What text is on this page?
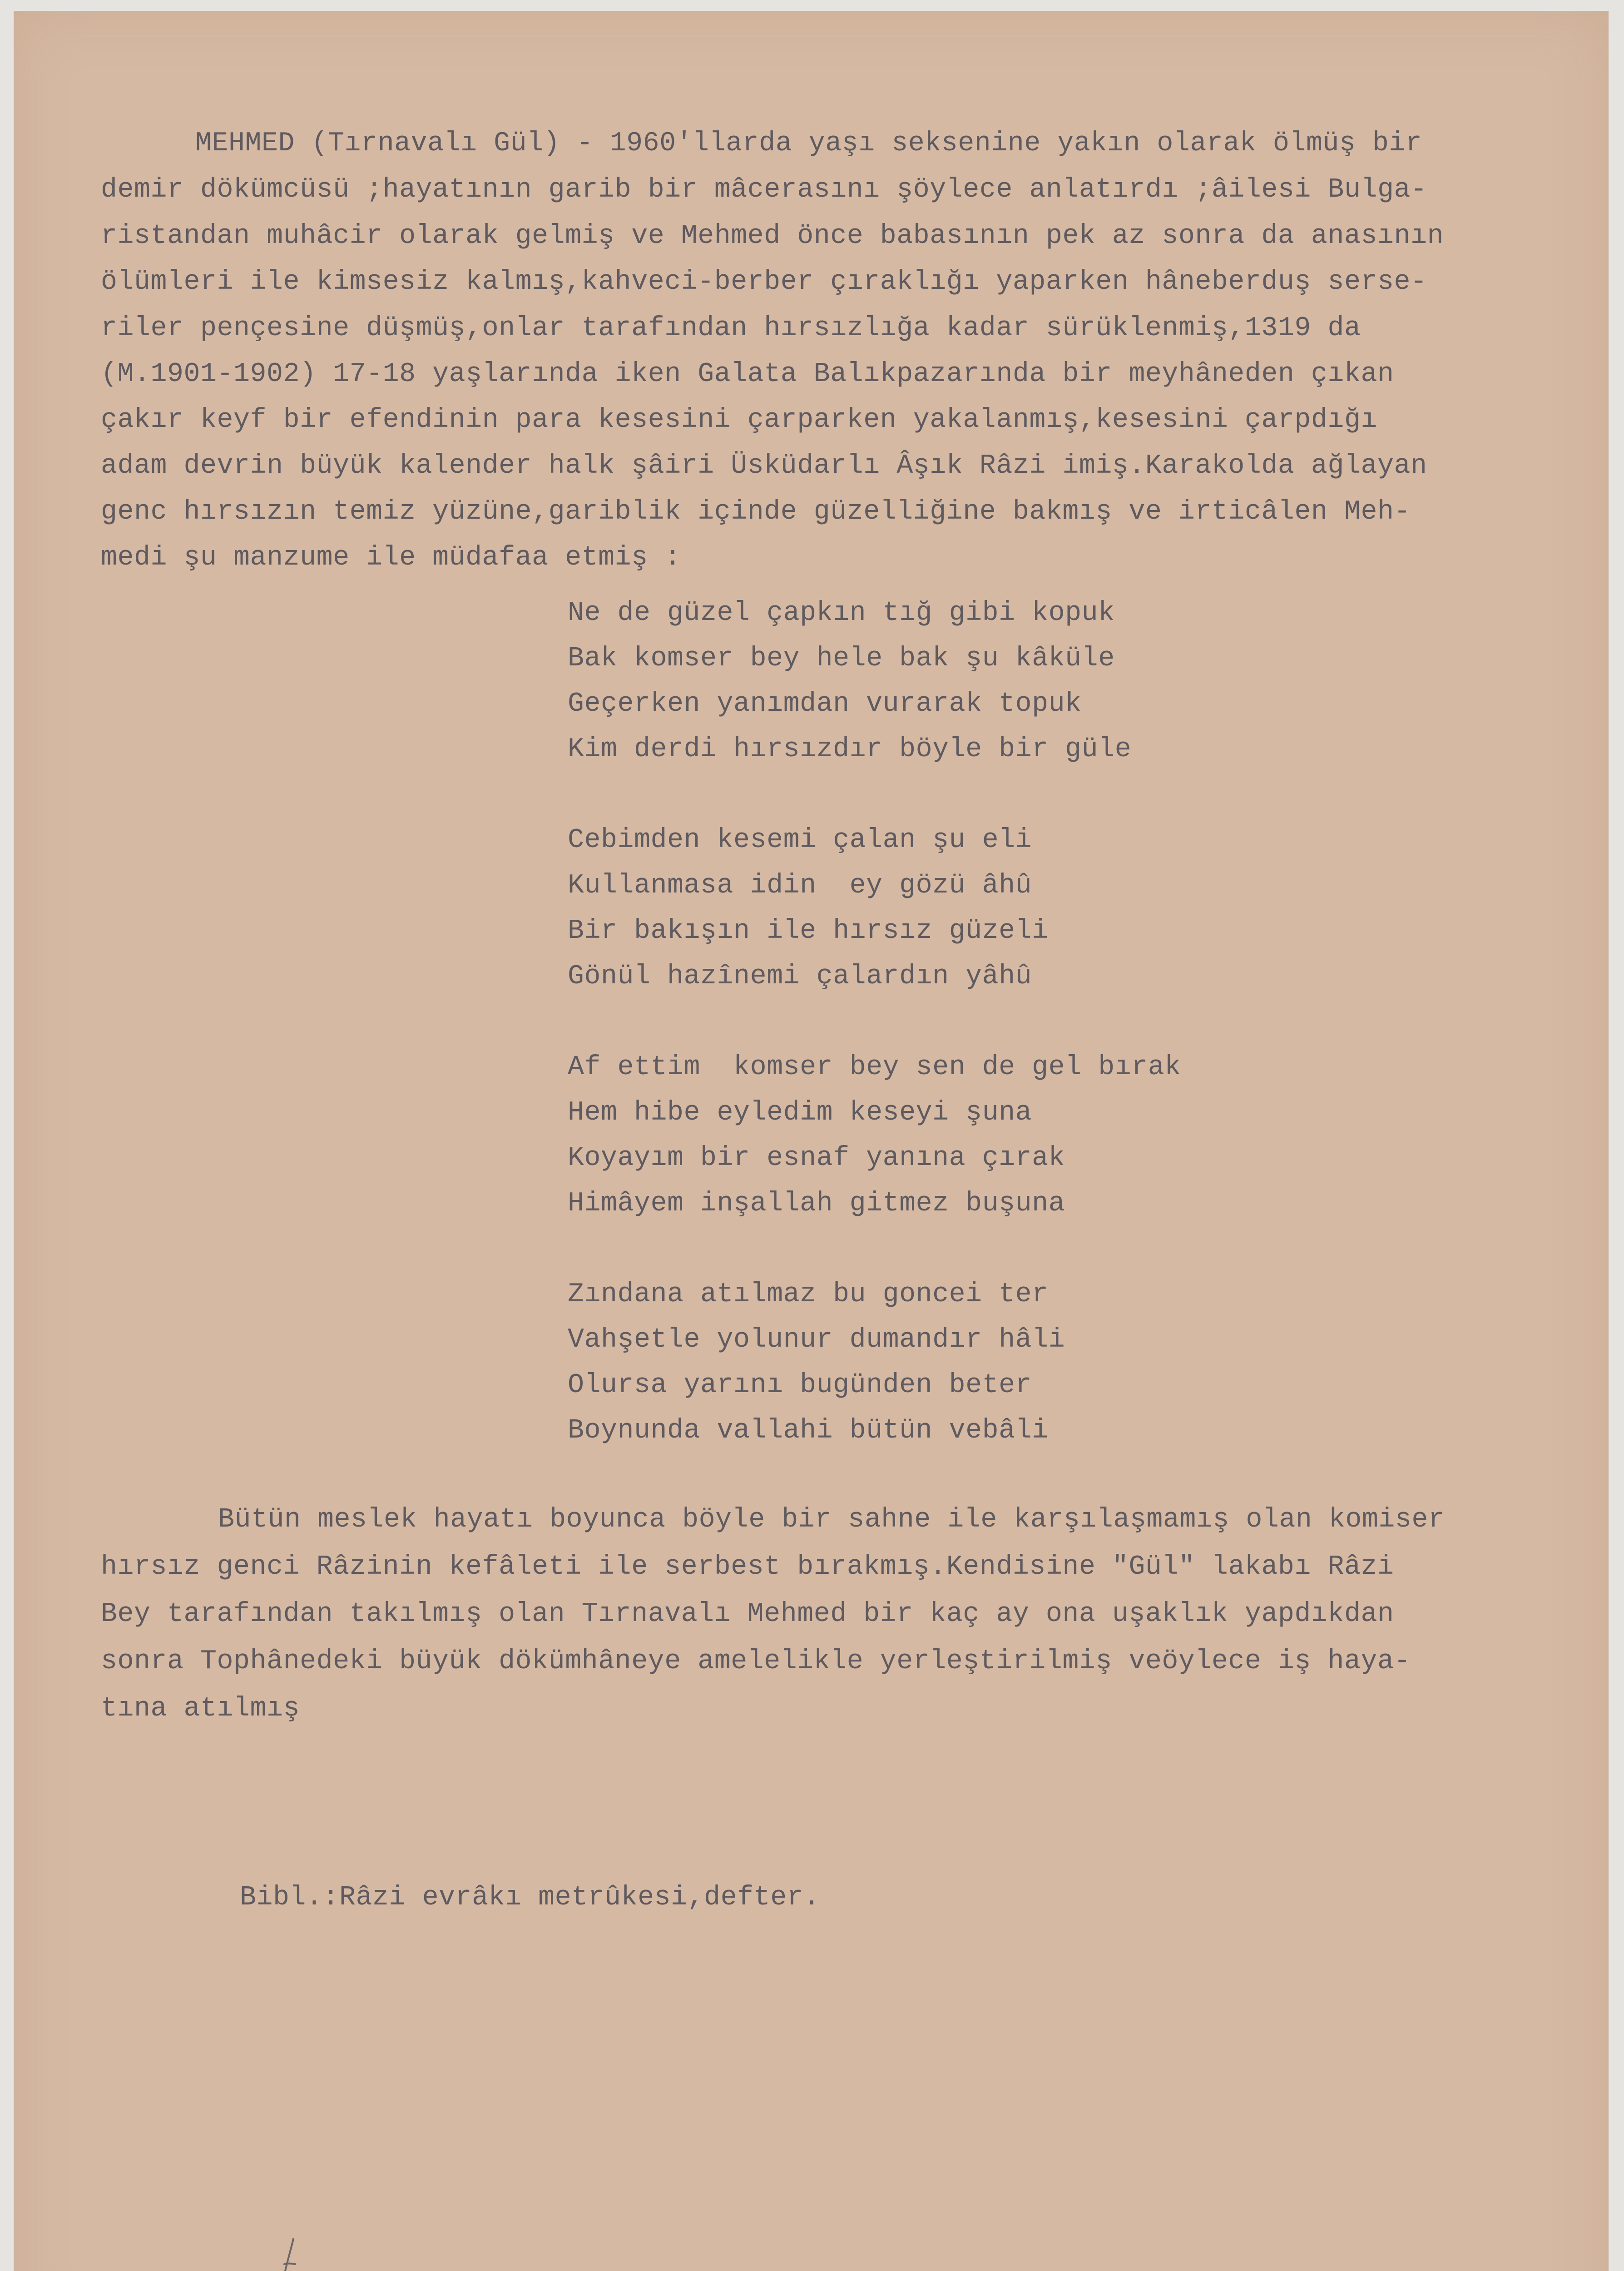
MEHMED (Tırnavalı Gül) - 1960'llarda yaşı seksenine yakın olarak ölmüş bir

demir dökümcüsü ;hayatının garib bir mâcerasını şöylece anlatırdı ;âilesi Bulga-

ristandan muhâcir olarak gelmiş ve Mehmed önce babasının pek az sonra da anasının

ölümleri ile kimsesiz kalmış,kahveci-berber çıraklığı yaparken hâneberduş serse-

riler pençesine düşmüş,onlar tarafından hırsızlığa kadar sürüklenmiş,1319 da

(M.1901-1902) 17-18 yaşlarında iken Galata Balıkpazarında bir meyhâneden çıkan

çakır keyf bir efendinin para kesesini çarparken yakalanmış,kesesini çarpdığı

adam devrin büyük kalender halk şâiri Üsküdarlı Âşık Râzi imiş.Karakolda ağlayan

genc hırsızın temiz yüzüne,gariblik içinde güzelliğine bakmış ve irticâlen Meh-

medi şu manzume ile müdafaa etmiş :

Ne de güzel çapkın tığ gibi kopuk

Bak komser bey hele bak şu kâküle

Geçerken yanımdan vurarak topuk

Kim derdi hırsızdır böyle bir güle

Cebimden kesemi çalan şu eli

Kullanmasa idin  ey gözü âhû

Bir bakışın ile hırsız güzeli

Gönül hazînemi çalardın yâhû

Af ettim  komser bey sen de gel bırak

Hem hibe eyledim keseyi şuna

Koyayım bir esnaf yanına çırak

Himâyem inşallah gitmez buşuna

Zındana atılmaz bu goncei ter

Vahşetle yolunur dumandır hâli

Olursa yarını bugünden beter

Boynunda vallahi bütün vebâli

Bütün meslek hayatı boyunca böyle bir sahne ile karşılaşmamış olan komiser

hırsız genci Râzinin kefâleti ile serbest bırakmış.Kendisine "Gül" lakabı Râzi

Bey tarafından takılmış olan Tırnavalı Mehmed bir kaç ay ona uşaklık yapdıkdan

sonra Tophânedeki büyük dökümhâneye amelelikle yerleştirilmiş veöylece iş haya-

tına atılmış

Bibl.:Râzi evrâkı metrûkesi,defter.
